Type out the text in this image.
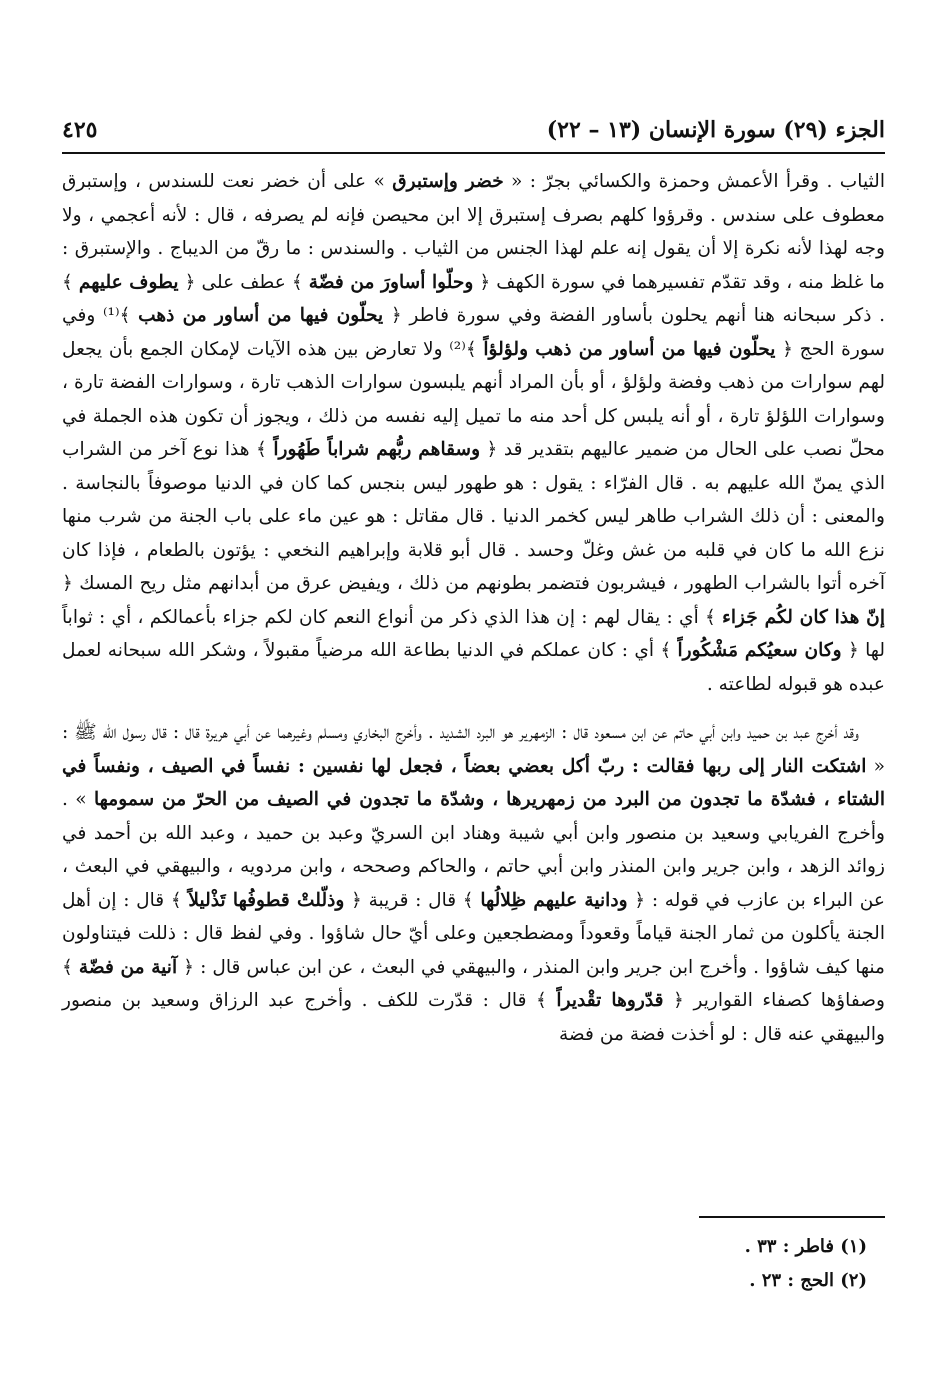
الجزء (٢٩) سورة الإنسان (١٣ – ٢٢)
٤٢٥

الثياب . وقرأ الأعمش وحمزة والكسائي بجرّ : « خضر وإستبرق » على أن خضر نعت للسندس ، وإستبرق معطوف على سندس . وقرؤوا كلهم بصرف إستبرق إلا ابن محيصن فإنه لم يصرفه ، قال : لأنه أعجمي ، ولا وجه لهذا لأنه نكرة إلا أن يقول إنه علم لهذا الجنس من الثياب . والسندس : ما رقّ من الديباج . والإستبرق : ما غلظ منه ، وقد تقدّم تفسيرهما في سورة الكهف ﴿ وحلّوا أساورَ من فضّة ﴾ عطف على ﴿ يطوف عليهم ﴾ . ذكر سبحانه هنا أنهم يحلون بأساور الفضة وفي سورة فاطر ﴿ يحلّون فيها من أساور من ذهب ﴾⁽¹⁾ وفي سورة الحج ﴿ يحلّون فيها من أساور من ذهب ولؤلؤاً ﴾⁽²⁾ ولا تعارض بين هذه الآيات لإمكان الجمع بأن يجعل لهم سوارات من ذهب وفضة ولؤلؤ ، أو بأن المراد أنهم يلبسون سوارات الذهب تارة ، وسوارات الفضة تارة ، وسوارات اللؤلؤ تارة ، أو أنه يلبس كل أحد منه ما تميل إليه نفسه من ذلك ، ويجوز أن تكون هذه الجملة في محلّ نصب على الحال من ضمير عاليهم بتقدير قد ﴿ وسقاهم ربُّهم شراباً طَهُوراً ﴾ هذا نوع آخر من الشراب الذي يمنّ الله عليهم به . قال الفرّاء : يقول : هو طهور ليس بنجس كما كان في الدنيا موصوفاً بالنجاسة . والمعنى : أن ذلك الشراب طاهر ليس كخمر الدنيا . قال مقاتل : هو عين ماء على باب الجنة من شرب منها نزع الله ما كان في قلبه من غش وغلّ وحسد . قال أبو قلابة وإبراهيم النخعي : يؤتون بالطعام ، فإذا كان آخره أتوا بالشراب الطهور ، فيشربون فتضمر بطونهم من ذلك ، ويفيض عرق من أبدانهم مثل ريح المسك ﴿ إنّ هذا كان لكُم جَزاء ﴾ أي : يقال لهم : إن هذا الذي ذكر من أنواع النعم كان لكم جزاء بأعمالكم ، أي : ثواباً لها ﴿ وكان سعيُكم مَشْكُوراً ﴾ أي : كان عملكم في الدنيا بطاعة الله مرضياً مقبولاً ، وشكر الله سبحانه لعمل عبده هو قبوله لطاعته .

وقد أخرج عبد بن حميد وابن أبي حاتم عن ابن مسعود قال : الزمهرير هو البرد الشديد . وأخرج البخاري ومسلم وغيرهما عن أبي هريرة قال : قال رسول الله ﷺ : « اشتكت النار إلى ربها فقالت : ربّ أكل بعضي بعضاً ، فجعل لها نفسين : نفساً في الصيف ، ونفساً في الشتاء ، فشدّة ما تجدون من البرد من زمهريرها ، وشدّة ما تجدون في الصيف من الحرّ من سمومها » . وأخرج الفريابي وسعيد بن منصور وابن أبي شيبة وهناد ابن السريّ وعبد بن حميد ، وعبد الله بن أحمد في زوائد الزهد ، وابن جرير وابن المنذر وابن أبي حاتم ، والحاكم وصححه ، وابن مردويه ، والبيهقي في البعث ، عن البراء بن عازب في قوله : ﴿ ودانية عليهم ظِلالُها ﴾ قال : قريبة ﴿ وذلّلتْ قطوفُها تَذْليلاً ﴾ قال : إن أهل الجنة يأكلون من ثمار الجنة قياماً وقعوداً ومضطجعين وعلى أيّ حال شاؤوا . وفي لفظ قال : ذللت فيتناولون منها كيف شاؤوا . وأخرج ابن جرير وابن المنذر ، والبيهقي في البعث ، عن ابن عباس قال : ﴿ آنية من فضّة ﴾ وصفاؤها كصفاء القوارير ﴿ قدّروها تقْديراً ﴾ قال : قدّرت للكف . وأخرج عبد الرزاق وسعيد بن منصور والبيهقي عنه قال : لو أخذت فضة من فضة

(١) فاطر : ٣٣ .
(٢) الحج : ٢٣ .
